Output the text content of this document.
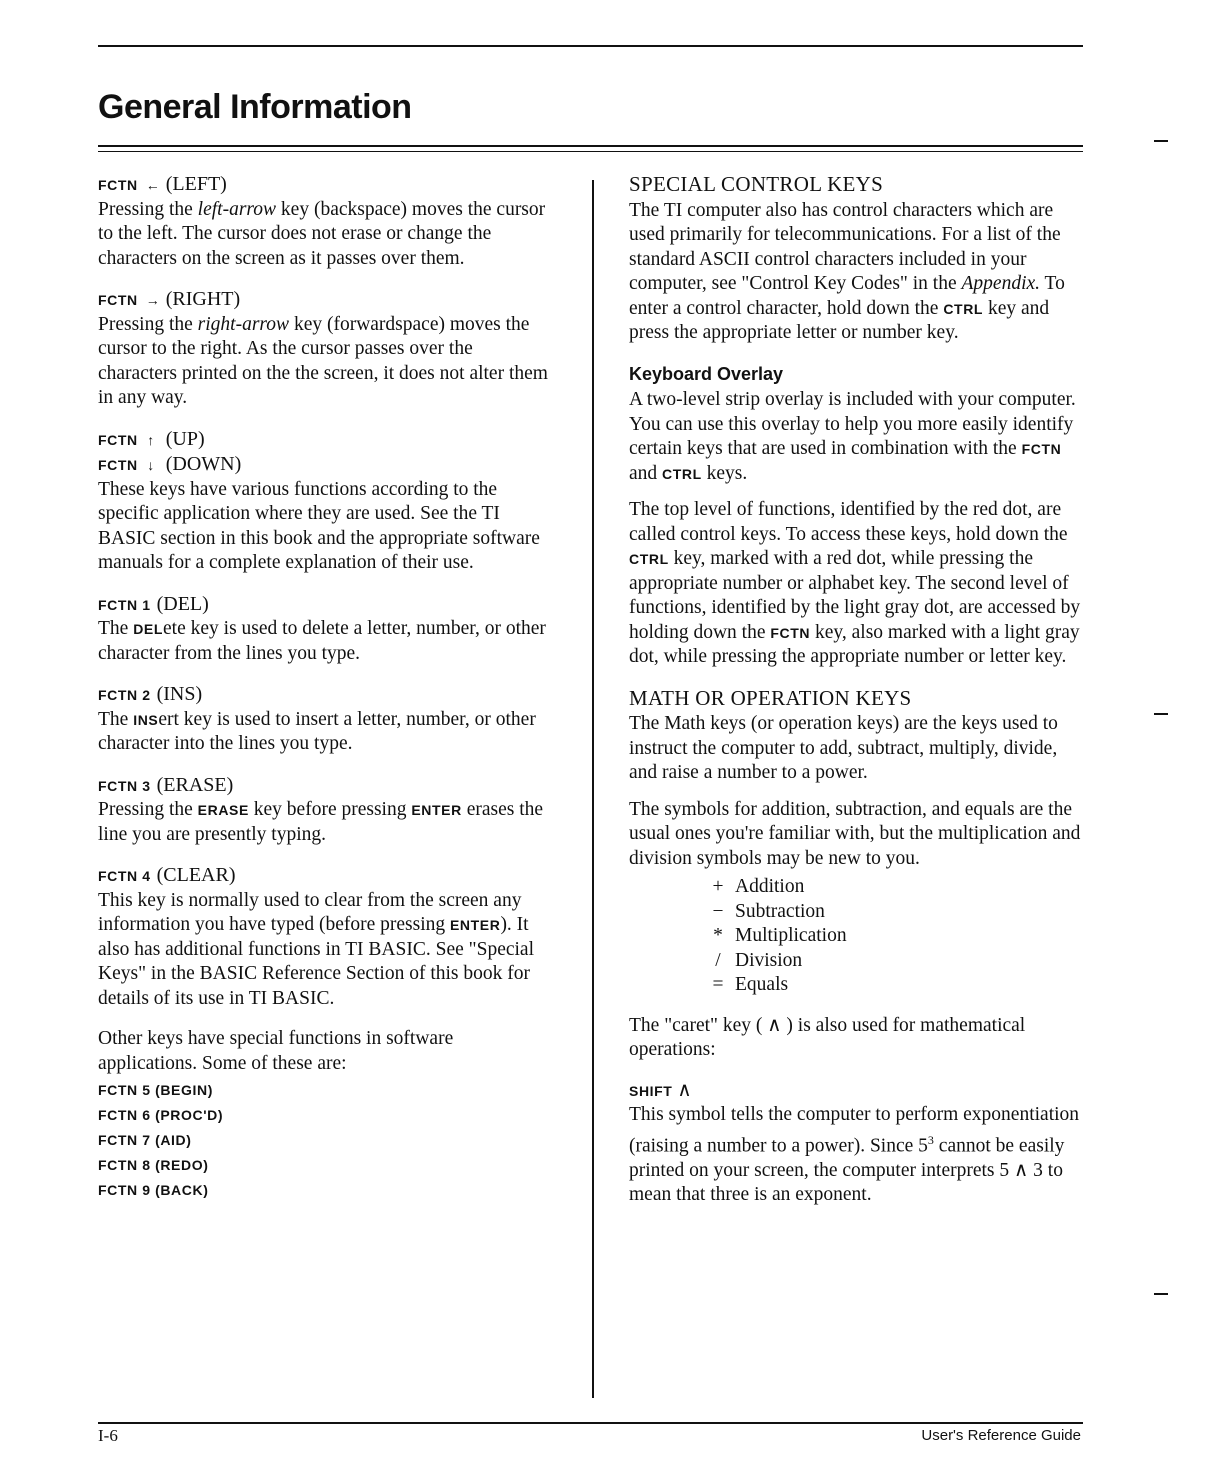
General Information
FCTN ← (LEFT)

Pressing the left-arrow key (backspace) moves the cursor to the left. The cursor does not erase or change the characters on the screen as it passes over them.

FCTN → (RIGHT)

Pressing the right-arrow key (forwardspace) moves the cursor to the right. As the cursor passes over the characters printed on the the screen, it does not alter them in any way.

FCTN ↑ (UP)
FCTN ↓ (DOWN)

These keys have various functions according to the specific application where they are used. See the TI BASIC section in this book and the appropriate software manuals for a complete explanation of their use.

FCTN 1 (DEL)

The DELete key is used to delete a letter, number, or other character from the lines you type.

FCTN 2 (INS)

The INSert key is used to insert a letter, number, or other character into the lines you type.

FCTN 3 (ERASE)

Pressing the ERASE key before pressing ENTER erases the line you are presently typing.

FCTN 4 (CLEAR)

This key is normally used to clear from the screen any information you have typed (before pressing ENTER). It also has additional functions in TI BASIC. See "Special Keys" in the BASIC Reference Section of this book for details of its use in TI BASIC.

Other keys have special functions in software applications. Some of these are:

FCTN 5 (BEGIN)
FCTN 6 (PROC'D)
FCTN 7 (AID)
FCTN 8 (REDO)
FCTN 9 (BACK)
SPECIAL CONTROL KEYS

The TI computer also has control characters which are used primarily for telecommunications. For a list of the standard ASCII control characters included in your computer, see "Control Key Codes" in the Appendix. To enter a control character, hold down the CTRL key and press the appropriate letter or number key.

Keyboard Overlay

A two-level strip overlay is included with your computer. You can use this overlay to help you more easily identify certain keys that are used in combination with the FCTN and CTRL keys.

The top level of functions, identified by the red dot, are called control keys. To access these keys, hold down the CTRL key, marked with a red dot, while pressing the appropriate number or alphabet key. The second level of functions, identified by the light gray dot, are accessed by holding down the FCTN key, also marked with a light gray dot, while pressing the appropriate number or letter key.

MATH OR OPERATION KEYS

The Math keys (or operation keys) are the keys used to instruct the computer to add, subtract, multiply, divide, and raise a number to a power.

The symbols for addition, subtraction, and equals are the usual ones you're familiar with, but the multiplication and division symbols may be new to you.

+ Addition
− Subtraction
* Multiplication
/ Division
= Equals

The "caret" key ( ∧ ) is also used for mathematical operations:

SHIFT ∧

This symbol tells the computer to perform exponentiation (raising a number to a power). Since $5^3$ cannot be easily printed on your screen, the computer interprets 5 ∧ 3 to mean that three is an exponent.

I-6	User's Reference Guide
